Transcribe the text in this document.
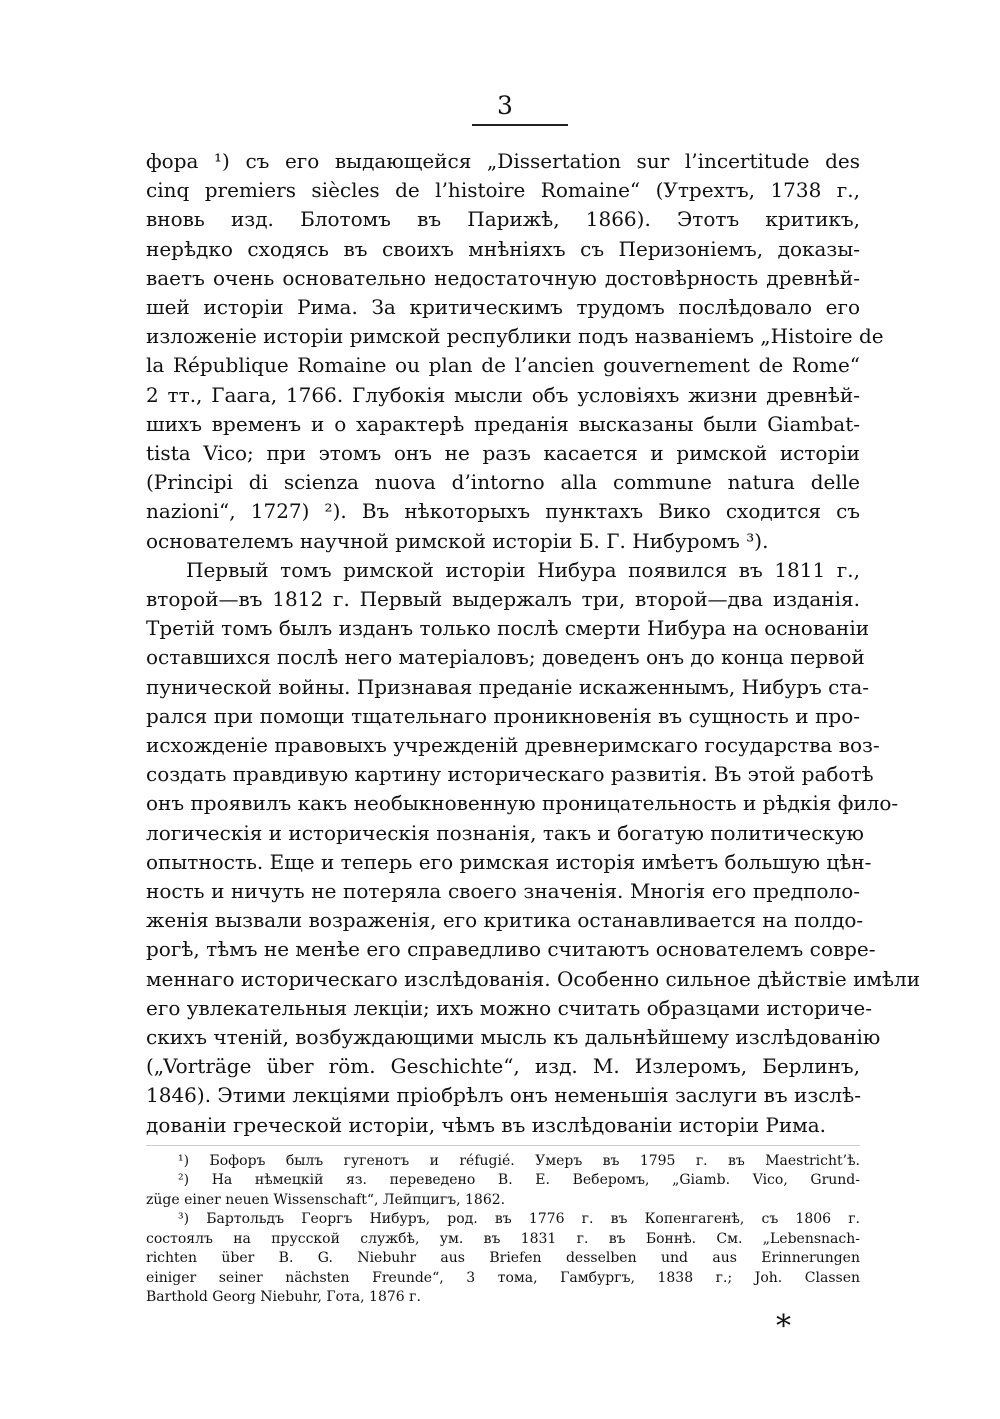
3
фора ¹) съ его выдающейся „Dissertation sur l’incertitude des
cinq premiers siècles de l’histoire Romaine“ (Утрехтъ, 1738 г.,
вновь изд. Блотомъ въ Парижѣ, 1866). Этотъ критикъ,
нерѣдко сходясь въ своихъ мнѣніяхъ съ Перизоніемъ, доказы-
ваетъ очень основательно недостаточную достовѣрность древнѣй-
шей исторіи Рима. За критическимъ трудомъ послѣдовало его
изложеніе исторіи римской республики подъ названіемъ „Histoire de
la République Romaine ou plan de l’ancien gouvernement de Rome“
2 тт., Гаага, 1766. Глубокія мысли объ условіяхъ жизни древнѣй-
шихъ временъ и о характерѣ преданія высказаны были Giambat-
tista Vico; при этомъ онъ не разъ касается и римской исторіи
(Principi di scienza nuova d’intorno alla commune natura delle
nazioni“, 1727) ²). Въ нѣкоторыхъ пунктахъ Вико сходится съ
основателемъ научной римской исторіи Б. Г. Нибуромъ ³).
Первый томъ римской исторіи Нибура появился въ 1811 г.,
второй—въ 1812 г. Первый выдержалъ три, второй—два изданія.
Третій томъ былъ изданъ только послѣ смерти Нибура на основаніи
оставшихся послѣ него матеріаловъ; доведенъ онъ до конца первой
пунической войны. Признавая преданіе искаженнымъ, Нибуръ ста-
рался при помощи тщательнаго проникновенія въ сущность и про-
исхожденіе правовыхъ учрежденій древнеримскаго государства воз-
создать правдивую картину историческаго развитія. Въ этой работѣ
онъ проявилъ какъ необыкновенную проницательность и рѣдкія фило-
логическія и историческія познанія, такъ и богатую политическую
опытность. Еще и теперь его римская исторія имѣетъ большую цѣн-
ность и ничуть не потеряла своего значенія. Многія его предполо-
женія вызвали возраженія, его критика останавливается на полдо-
рогѣ, тѣмъ не менѣе его справедливо считаютъ основателемъ совре-
меннаго историческаго изслѣдованія. Особенно сильное дѣйствіе имѣли
его увлекательныя лекціи; ихъ можно считать образцами историче-
скихъ чтеній, возбуждающими мысль къ дальнѣйшему изслѣдованію
(„Vorträge über röm. Geschichte“, изд. М. Излеромъ, Берлинъ,
1846). Этими лекціями пріобрѣлъ онъ неменьшія заслуги въ изслѣ-
дованіи греческой исторіи, чѣмъ въ изслѣдованіи исторіи Рима.
¹) Бофоръ былъ гугенотъ и réfugié. Умеръ въ 1795 г. въ Maestricht’ѣ.
²) На нѣмецкій яз. переведено В. Е. Веберомъ, „Giamb. Vico, Grund-
züge einer neuen Wissenschaft“, Лейпцигъ, 1862.
³) Бартольдъ Георгъ Нибуръ, род. въ 1776 г. въ Копенгагенѣ, съ 1806 г.
состоялъ на прусской службѣ, ум. въ 1831 г. въ Боннѣ. См. „Lebensnach-
richten über B. G. Niebuhr aus Briefen desselben und aus Erinnerungen
einiger seiner nächsten Freunde“, 3 тома, Гамбургъ, 1838 г.; Joh. Classen
Barthold Georg Niebuhr, Гота, 1876 г.
*
